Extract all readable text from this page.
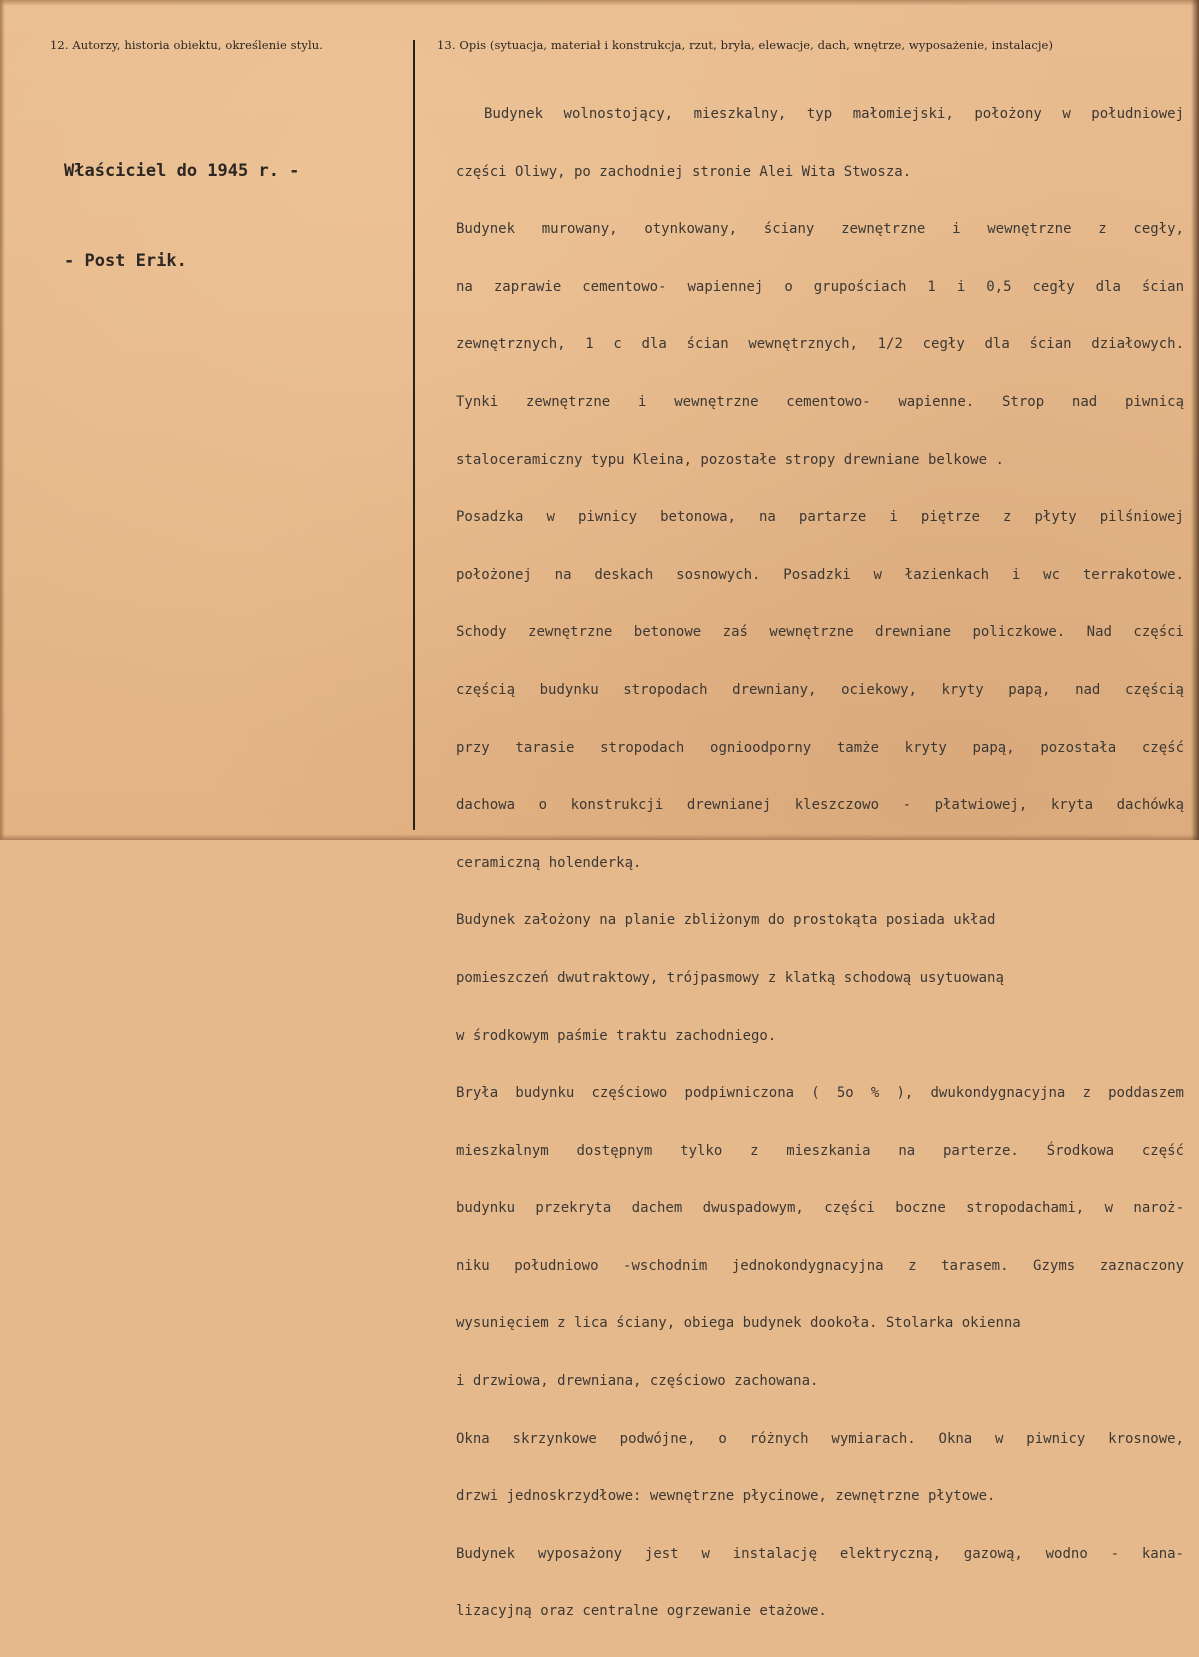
12. Autorzy, historia obiektu, określenie stylu.	13. Opis (sytuacja, materiał i konstrukcja, rzut, bryła, elewacje, dach, wnętrze, wyposażenie, instalacje)

Właściciel do 1945 r. -

- Post Erik.

Budynek wolnostojący, mieszkalny, typ małomiejski, położony w południowej

części Oliwy, po zachodniej stronie Alei Wita Stwosza.

Budynek murowany, otynkowany, ściany zewnętrzne i wewnętrzne z cegły,

na zaprawie cementowo- wapiennej o grupościach 1 i 0,5 cegły dla ścian

zewnętrznych, 1 c dla ścian wewnętrznych, 1/2 cegły dla ścian działowych.

Tynki zewnętrzne i wewnętrzne cementowo- wapienne. Strop nad piwnicą

staloceramiczny typu Kleina, pozostałe stropy drewniane belkowe .

Posadzka w piwnicy betonowa, na partarze i piętrze z płyty pilśniowej

położonej na deskach sosnowych. Posadzki w łazienkach i wc terrakotowe.

Schody zewnętrzne betonowe zaś wewnętrzne drewniane policzkowe. Nad części

częścią budynku stropodach drewniany, ociekowy, kryty papą, nad częścią

przy tarasie stropodach ognioodporny tamże kryty papą, pozostała część

dachowa o konstrukcji drewnianej kleszczowo - płatwiowej, kryta dachówką

ceramiczną holenderką.

Budynek założony na planie zbliżonym do prostokąta posiada układ

pomieszczeń dwutraktowy, trójpasmowy z klatką schodową usytuowaną

w środkowym paśmie traktu zachodniego.

Bryła budynku częściowo podpiwniczona ( 5o % ), dwukondygnacyjna z poddaszem

mieszkalnym dostępnym tylko z mieszkania na parterze. Środkowa część

budynku przekryta dachem dwuspadowym, części boczne stropodachami, w naroż-

niku południowo -wschodnim jednokondygnacyjna z tarasem. Gzyms zaznaczony

wysunięciem z lica ściany, obiega budynek dookoła. Stolarka okienna

i drzwiowa, drewniana, częściowo zachowana.

Okna skrzynkowe podwójne, o różnych wymiarach. Okna w piwnicy krosnowe,

drzwi jednoskrzydłowe: wewnętrzne płycinowe, zewnętrzne płytowe.

Budynek wyposażony jest w instalację elektryczną, gazową, wodno - kana-

lizacyjną oraz centralne ogrzewanie etażowe.
